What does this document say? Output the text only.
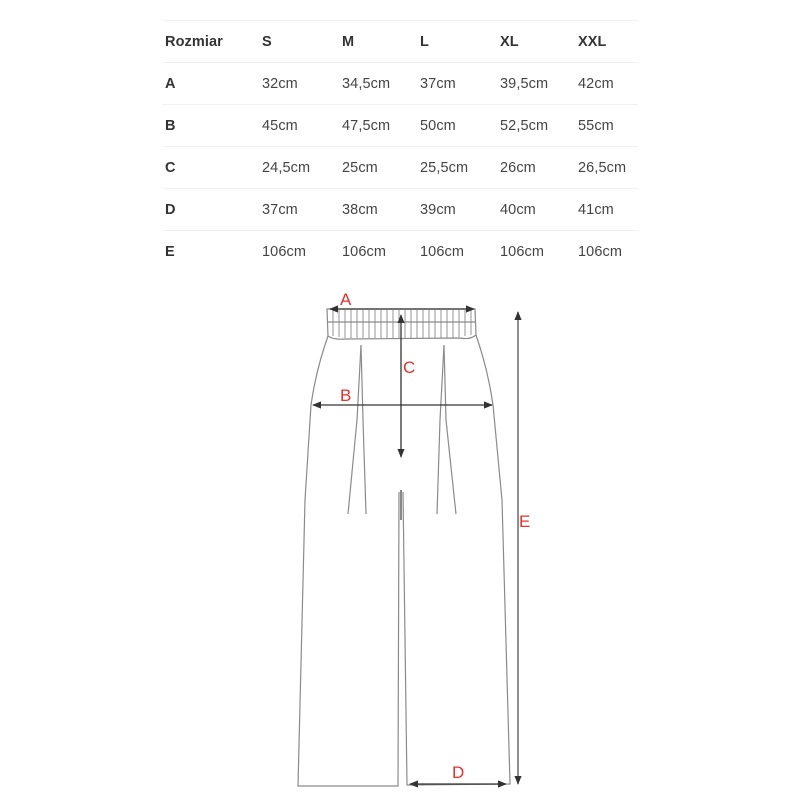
Rozmiar	S	M	L	XL	XXL
A	32cm	34,5cm	37cm	39,5cm	42cm
B	45cm	47,5cm	50cm	52,5cm	55cm
C	24,5cm	25cm	25,5cm	26cm	26,5cm
D	37cm	38cm	39cm	40cm	41cm
E	106cm	106cm	106cm	106cm	106cm
A
B
C
D
E
